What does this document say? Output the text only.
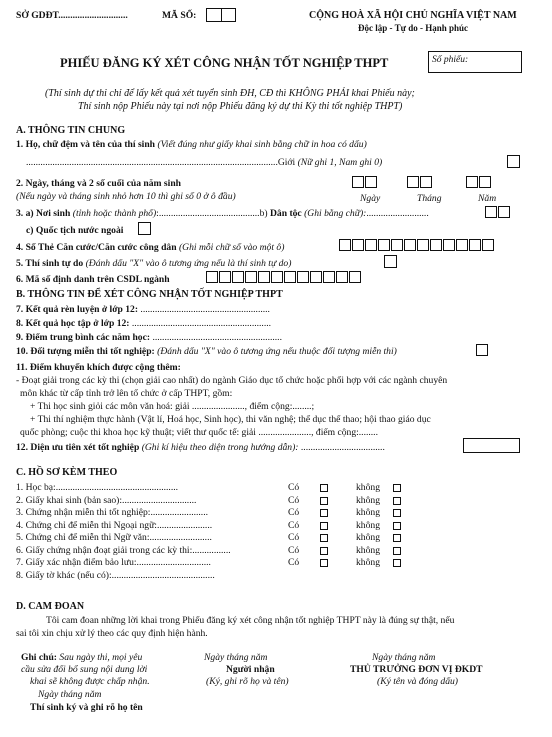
SỞ GDĐT.............................	MÃ SỐ:	CỘNG HOÀ XÃ HỘI CHỦ NGHĨA VIỆT NAM
Độc lập - Tự do - Hạnh phúc
PHIẾU ĐĂNG KÝ XÉT CÔNG NHẬN TỐT NGHIỆP THPT	Số phiếu:
(Thí sinh dự thi chỉ để lấy kết quả xét tuyển sinh ĐH, CĐ thì KHÔNG PHẢI khai Phiếu này;
Thí sinh nộp Phiếu này tại nơi nộp Phiếu đăng ký dự thi Kỳ thi tốt nghiệp THPT)
A. THÔNG TIN CHUNG
1. Họ, chữ đệm và tên của thí sinh (Viết đúng như giấy khai sinh bằng chữ in hoa có dấu)
.........................................................................................................Giới (Nữ ghi 1, Nam ghi 0)
2. Ngày, tháng và 2 số cuối của năm sinh
(Nếu ngày và tháng sinh nhỏ hơn 10 thì ghi số 0 ở ô đầu)
	Ngày	Tháng	Năm
3. a) Nơi sinh (tỉnh hoặc thành phố):..........................................b) Dân tộc (Ghi bằng chữ):..........................
c) Quốc tịch nước ngoài
4. Số Thẻ Căn cước/Căn cước công dân (Ghi mỗi chữ số vào một ô)
5. Thí sinh tự do (Đánh dấu "X" vào ô tương ứng nếu là thí sinh tự do)
6. Mã số định danh trên CSDL ngành
B. THÔNG TIN ĐỂ XÉT CÔNG NHẬN TỐT NGHIỆP THPT
7. Kết quả rèn luyện ở lớp 12: ......................................................
8. Kết quả học tập ở lớp 12: ..........................................................
9. Điểm trung bình các năm học: ......................................................
10. Đối tượng miễn thi tốt nghiệp: (Đánh dấu "X" vào ô tương ứng nếu thuộc đối tượng miễn thi)
11. Điểm khuyến khích được cộng thêm:
- Đoạt giải trong các kỳ thi (chọn giải cao nhất) do ngành Giáo dục tổ chức hoặc phối hợp với các ngành chuyên
môn khác từ cấp tỉnh trở lên tổ chức ở cấp THPT, gồm:
+ Thi học sinh giỏi các môn văn hoá: giải ......................, điểm cộng:........;
+ Thi thí nghiệm thực hành (Vật lí, Hoá học, Sinh học), thi văn nghệ; thể dục thể thao; hội thao giáo dục
quốc phòng; cuộc thi khoa học kỹ thuật; viết thư quốc tế: giải ......................, điểm cộng:........
12. Diện ưu tiên xét tốt nghiệp (Ghi kí hiệu theo diện trong hướng dẫn): ...................................
C. HỒ SƠ KÈM THEO
1. Học bạ:...................................................	Có	không
2. Giấy khai sinh (bản sao):...............................	Có	không
3. Chứng nhận miễn thi tốt nghiệp:........................	Có	không
4. Chứng chỉ để miễn thi Ngoại ngữ:.......................	Có	không
5. Chứng chỉ để miễn thi Ngữ văn:..........................	Có	không
6. Giấy chứng nhận đoạt giải trong các kỳ thi:................	Có	không
7. Giấy xác nhận điểm bảo lưu:...............................	Có	không
8. Giấy tờ khác (nếu có):...........................................
D. CAM ĐOAN
Tôi cam đoan những lời khai trong Phiếu đăng ký xét công nhận tốt nghiệp THPT này là đúng sự thật, nếu
sai tôi xin chịu xử lý theo các quy định hiện hành.
Ghi chú: Sau ngày thi, mọi yêu
cầu sửa đổi bổ sung nội dung lời
khai sẽ không được chấp nhận.
Ngày tháng năm
Thí sinh ký và ghi rõ họ tên
Ngày tháng năm
Người nhận
(Ký, ghi rõ họ và tên)
Ngày tháng năm
THỦ TRƯỞNG ĐƠN VỊ ĐKDT
(Ký tên và đóng dấu)
